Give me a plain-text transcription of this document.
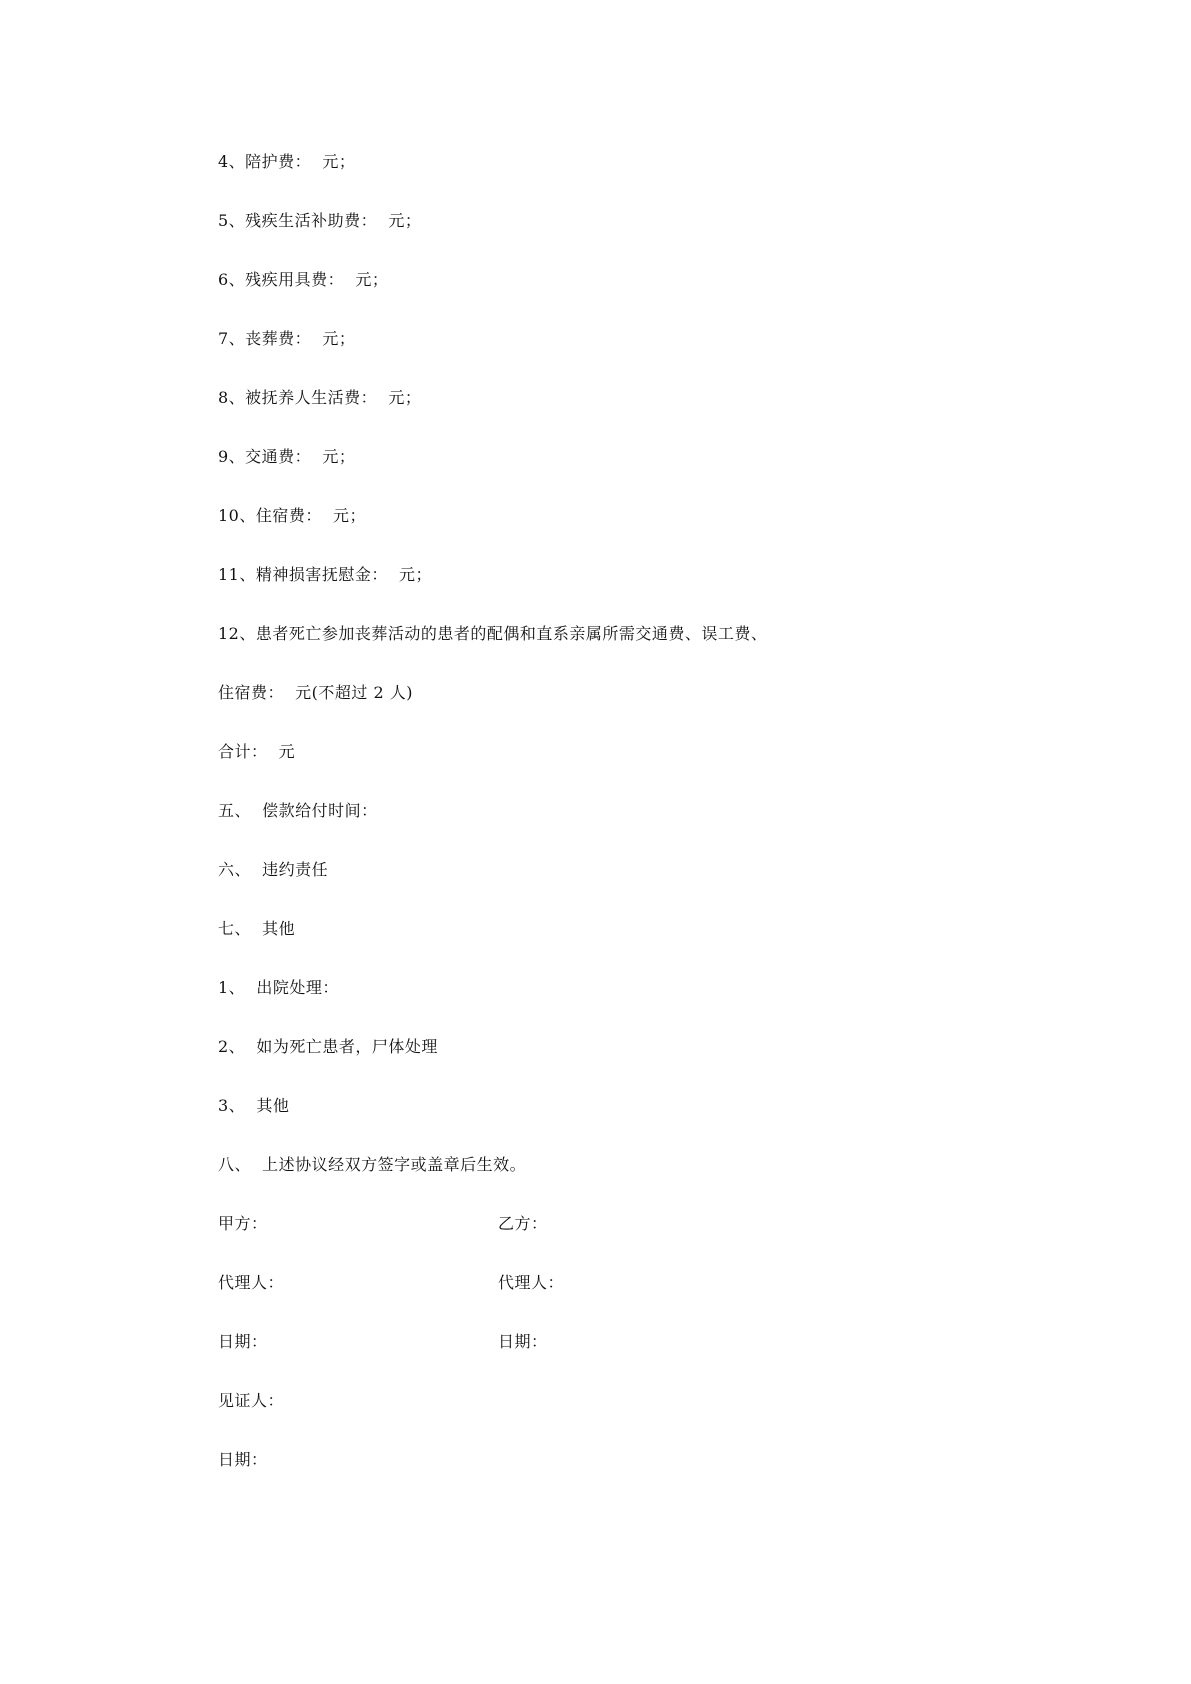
4、陪护费：  元；
5、残疾生活补助费：  元；
6、残疾用具费：  元；
7、丧葬费：  元；
8、被抚养人生活费：  元；
9、交通费：  元；
10、住宿费：  元；
11、精神损害抚慰金：  元；
12、患者死亡参加丧葬活动的患者的配偶和直系亲属所需交通费、误工费、
住宿费：  元(不超过 2 人)
合计：  元
五、  偿款给付时间：
六、  违约责任
七、  其他
1、  出院处理：
2、  如为死亡患者，尸体处理
3、  其他
八、  上述协议经双方签字或盖章后生效。
甲方：	乙方：
代理人：	代理人：
日期：	日期：
见证人：
日期：
